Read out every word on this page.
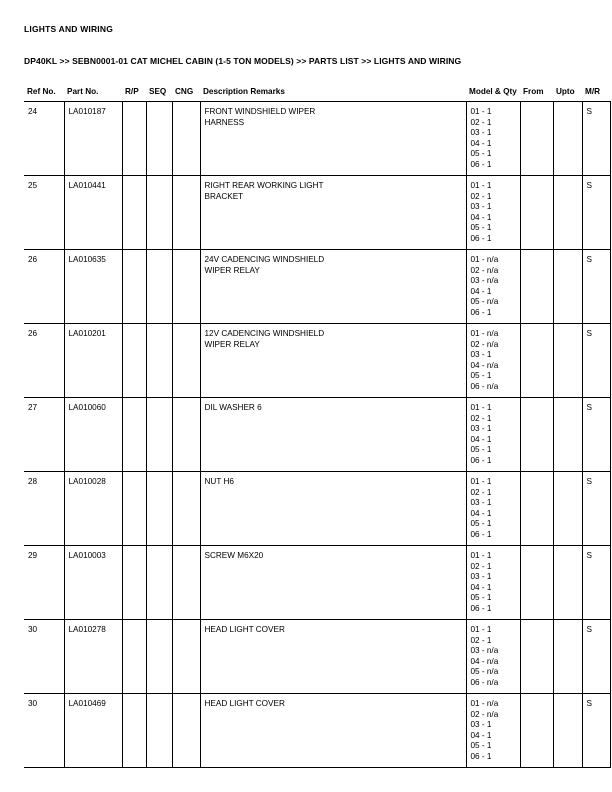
LIGHTS AND WIRING
DP40KL >> SEBN0001-01 CAT MICHEL CABIN (1-5 TON MODELS) >> PARTS LIST >> LIGHTS AND WIRING
Ref No.	Part No.	R/P	SEQ	CNG	Description Remarks	Model & Qty	From	Upto	M/R
24	LA010187				FRONT WINDSHIELD WIPER
HARNESS

01 - 1
02 - 1
03 - 1
04 - 1
05 - 1
06 - 1
			S
25	LA010441				RIGHT REAR WORKING LIGHT
BRACKET

01 - 1
02 - 1
03 - 1
04 - 1
05 - 1
06 - 1
			S
26	LA010635				24V CADENCING WINDSHIELD
WIPER RELAY

01 - n/a
02 - n/a
03 - n/a
04 - 1
05 - n/a
06 - 1
			S
26	LA010201				12V CADENCING WINDSHIELD
WIPER RELAY

01 - n/a
02 - n/a
03 - 1
04 - n/a
05 - 1
06 - n/a
			S
27	LA010060				DIL WASHER 6	01 - 1
02 - 1
03 - 1
04 - 1
05 - 1
06 - 1
			S
28	LA010028				NUT H6	01 - 1
02 - 1
03 - 1
04 - 1
05 - 1
06 - 1
			S
29	LA010003				SCREW M6X20	01 - 1
02 - 1
03 - 1
04 - 1
05 - 1
06 - 1
			S
30	LA010278				HEAD LIGHT COVER	01 - 1
02 - 1
03 - n/a
04 - n/a
05 - n/a
06 - n/a
			S
30	LA010469				HEAD LIGHT COVER	01 - n/a
02 - n/a
03 - 1
04 - 1
05 - 1
06 - 1
			S
